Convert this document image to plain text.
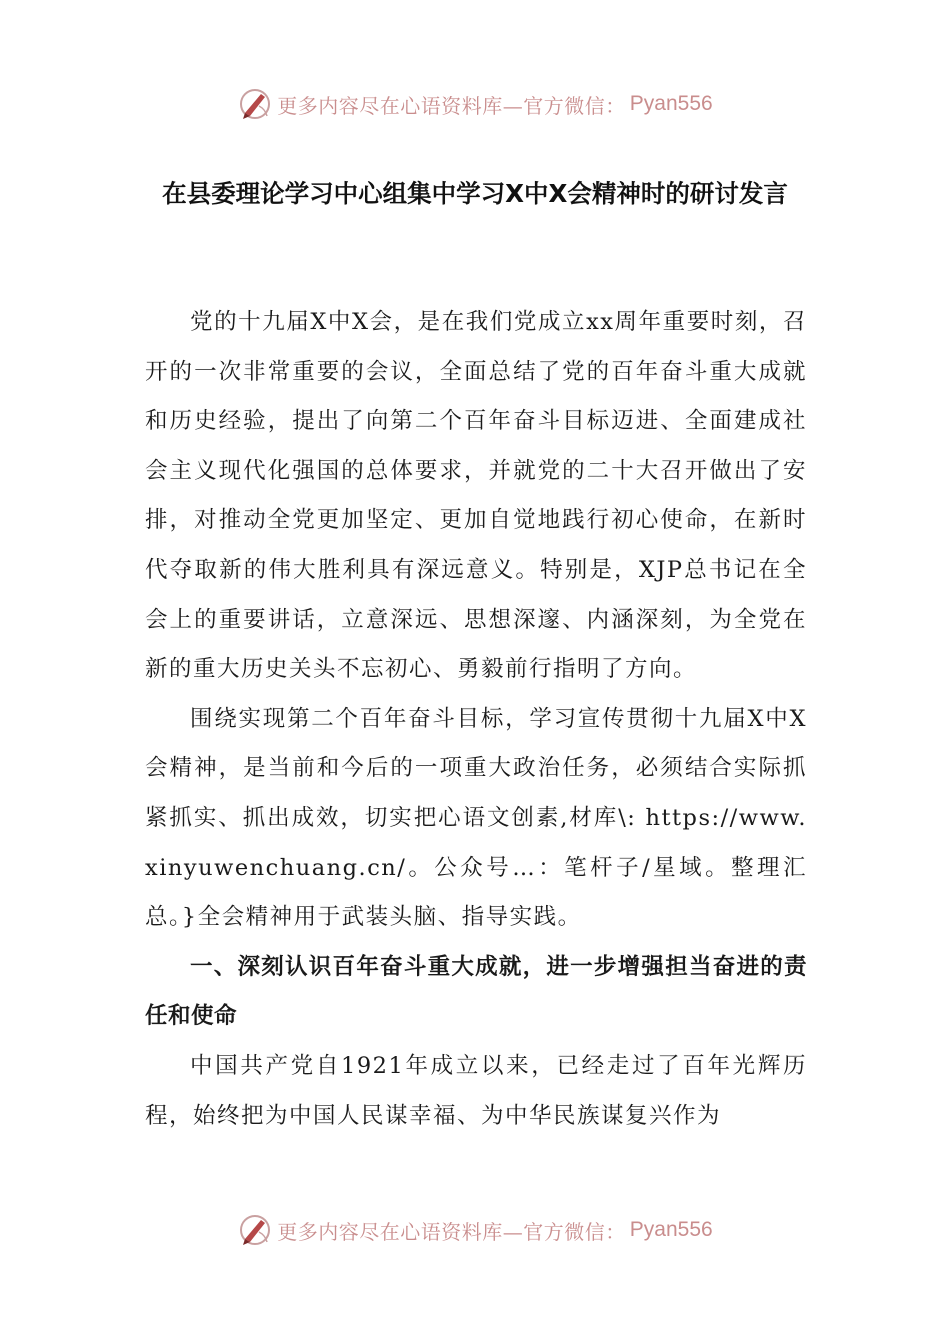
更多内容尽在心语资料库—官方微信： Pyan556
在县委理论学习中心组集中学习X中X会精神时的研讨发言

党的十九届X中X会，是在我们党成立xx周年重要时刻，召开的一次非常重要的会议，全面总结了党的百年奋斗重大成就和历史经验，提出了向第二个百年奋斗目标迈进、全面建成社会主义现代化强国的总体要求，并就党的二十大召开做出了安排，对推动全党更加坚定、更加自觉地践行初心使命，在新时代夺取新的伟大胜利具有深远意义。特别是，XJP总书记在全会上的重要讲话，立意深远、思想深邃、内涵深刻，为全党在新的重大历史关头不忘初心、勇毅前行指明了方向。

围绕实现第二个百年奋斗目标，学习宣传贯彻十九届X中X会精神，是当前和今后的一项重大政治任务，必须结合实际抓紧抓实、抓出成效，切实把心语文创素,材库\: https://www.xinyuwenchuang.cn/。公众号…：笔杆子/星域。整理汇总。}全会精神用于武装头脑、指导实践。

一、深刻认识百年奋斗重大成就，进一步增强担当奋进的责任和使命

中国共产党自1921年成立以来，已经走过了百年光辉历程，始终把为中国人民谋幸福、为中华民族谋复兴作为

更多内容尽在心语资料库—官方微信： Pyan556
